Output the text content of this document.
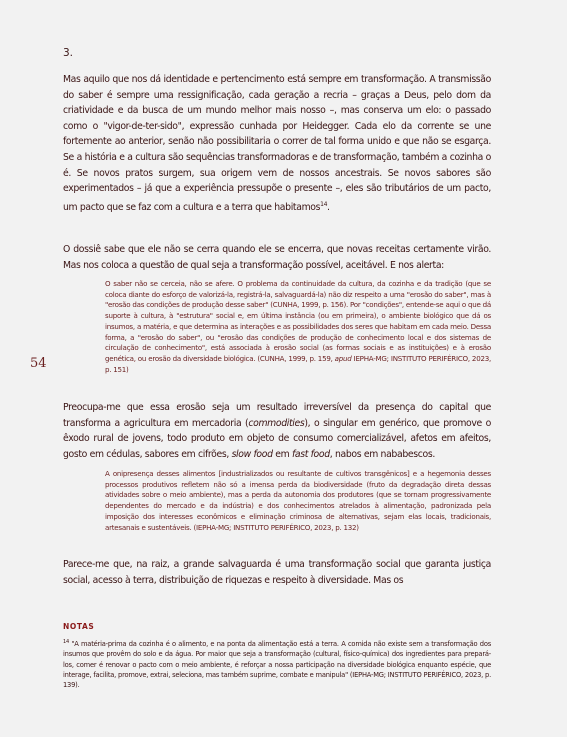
3.

Mas aquilo que nos dá identidade e pertencimento está sempre em transformação. A transmissão do saber é sempre uma ressignificação, cada geração a recria – graças a Deus, pelo dom da criatividade e da busca de um mundo melhor mais nosso –, mas conserva um elo: o passado como o "vigor-de-ter-sido", expressão cunhada por Heidegger. Cada elo da corrente se une fortemente ao anterior, senão não possibilitaria o correr de tal forma unido e que não se esgarça. Se a história e a cultura são sequências transformadoras e de transformação, também a cozinha o é. Se novos pratos surgem, sua origem vem de nossos ancestrais. Se novos sabores são experimentados – já que a experiência pressupõe o presente –, eles são tributários de um pacto, um pacto que se faz com a cultura e a terra que habitamos$^{14}$.

O dossiê sabe que ele não se cerra quando ele se encerra, que novas receitas certamente virão. Mas nos coloca a questão de qual seja a transformação possível, aceitável. E nos alerta:

O saber não se cerceia, não se afere. O problema da continuidade da cultura, da cozinha e da tradição (que se coloca diante do esforço de valorizá-la, registrá-la, salvaguardá-la) não diz respeito a uma "erosão do saber", mas à "erosão das condições de produção desse saber" (CUNHA, 1999, p. 156). Por "condições", entende-se aqui o que dá suporte à cultura, à "estrutura" social e, em última instância (ou em primeira), o ambiente biológico que dá os insumos, a matéria, e que determina as interações e as possibilidades dos seres que habitam em cada meio. Dessa forma, a "erosão do saber", ou "erosão das condições de produção de conhecimento local e dos sistemas de circulação de conhecimento", está associada à erosão social (as formas sociais e as instituições) e à erosão genética, ou erosão da diversidade biológica. (CUNHA, 1999, p. 159, apud IEPHA-MG; INSTITUTO PERIFÉRICO, 2023, p. 151)
54

Preocupa-me que essa erosão seja um resultado irreversível da presença do capital que transforma a agricultura em mercadoria (commodities), o singular em genérico, que promove o êxodo rural de jovens, todo produto em objeto de consumo comercializável, afetos em afeitos, gosto em cédulas, sabores em cifrões, slow food em fast food, nabos em nababescos.

A onipresença desses alimentos [industrializados ou resultante de cultivos transgênicos] e a hegemonia desses processos produtivos refletem não só a imensa perda da biodiversidade (fruto da degradação direta dessas atividades sobre o meio ambiente), mas a perda da autonomia dos produtores (que se tornam progressivamente dependentes do mercado e da indústria) e dos conhecimentos atrelados à alimentação, padronizada pela imposição dos interesses econômicos e eliminação criminosa de alternativas, sejam elas locais, tradicionais, artesanais e sustentáveis. (IEPHA-MG; INSTITUTO PERIFÉRICO, 2023, p. 132)

Parece-me que, na raiz, a grande salvaguarda é uma transformação social que garanta justiça social, acesso à terra, distribuição de riquezas e respeito à diversidade. Mas os

NOTAS
$^{14}$ "A matéria-prima da cozinha é o alimento, e na ponta da alimentação está a terra. A comida não existe sem a transformação dos insumos que provêm do solo e da água. Por maior que seja a transformação (cultural, físico-química) dos ingredientes para prepará-los, comer é renovar o pacto com o meio ambiente, é reforçar a nossa participação na diversidade biológica enquanto espécie, que interage, facilita, promove, extrai, seleciona, mas também suprime, combate e manipula" (IEPHA-MG; INSTITUTO PERIFÉRICO, 2023, p. 139).
